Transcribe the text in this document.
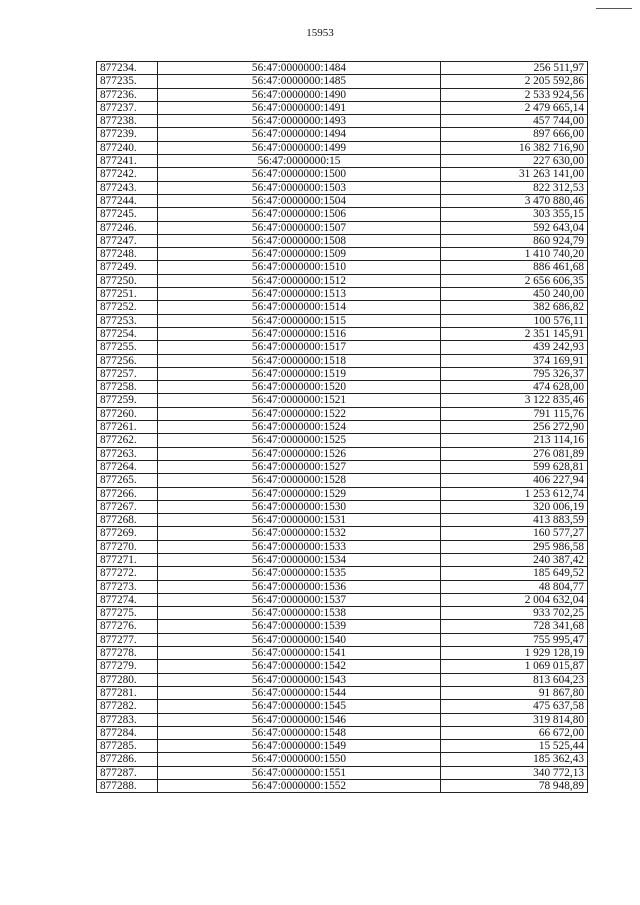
15953
877234.	56:47:0000000:1484	256 511,97
877235.	56:47:0000000:1485	2 205 592,86
877236.	56:47:0000000:1490	2 533 924,56
877237.	56:47:0000000:1491	2 479 665,14
877238.	56:47:0000000:1493	457 744,00
877239.	56:47:0000000:1494	897 666,00
877240.	56:47:0000000:1499	16 382 716,90
877241.	56:47:0000000:15	227 630,00
877242.	56:47:0000000:1500	31 263 141,00
877243.	56:47:0000000:1503	822 312,53
877244.	56:47:0000000:1504	3 470 880,46
877245.	56:47:0000000:1506	303 355,15
877246.	56:47:0000000:1507	592 643,04
877247.	56:47:0000000:1508	860 924,79
877248.	56:47:0000000:1509	1 410 740,20
877249.	56:47:0000000:1510	886 461,68
877250.	56:47:0000000:1512	2 656 606,35
877251.	56:47:0000000:1513	450 240,00
877252.	56:47:0000000:1514	382 686,82
877253.	56:47:0000000:1515	100 576,11
877254.	56:47:0000000:1516	2 351 145,91
877255.	56:47:0000000:1517	439 242,93
877256.	56:47:0000000:1518	374 169,91
877257.	56:47:0000000:1519	795 326,37
877258.	56:47:0000000:1520	474 628,00
877259.	56:47:0000000:1521	3 122 835,46
877260.	56:47:0000000:1522	791 115,76
877261.	56:47:0000000:1524	256 272,90
877262.	56:47:0000000:1525	213 114,16
877263.	56:47:0000000:1526	276 081,89
877264.	56:47:0000000:1527	599 628,81
877265.	56:47:0000000:1528	406 227,94
877266.	56:47:0000000:1529	1 253 612,74
877267.	56:47:0000000:1530	320 006,19
877268.	56:47:0000000:1531	413 883,59
877269.	56:47:0000000:1532	160 577,27
877270.	56:47:0000000:1533	295 986,58
877271.	56:47:0000000:1534	240 387,42
877272.	56:47:0000000:1535	185 649,52
877273.	56:47:0000000:1536	48 804,77
877274.	56:47:0000000:1537	2 004 632,04
877275.	56:47:0000000:1538	933 702,25
877276.	56:47:0000000:1539	728 341,68
877277.	56:47:0000000:1540	755 995,47
877278.	56:47:0000000:1541	1 929 128,19
877279.	56:47:0000000:1542	1 069 015,87
877280.	56:47:0000000:1543	813 604,23
877281.	56:47:0000000:1544	91 867,80
877282.	56:47:0000000:1545	475 637,58
877283.	56:47:0000000:1546	319 814,80
877284.	56:47:0000000:1548	66 672,00
877285.	56:47:0000000:1549	15 525,44
877286.	56:47:0000000:1550	185 362,43
877287.	56:47:0000000:1551	340 772,13
877288.	56:47:0000000:1552	78 948,89
